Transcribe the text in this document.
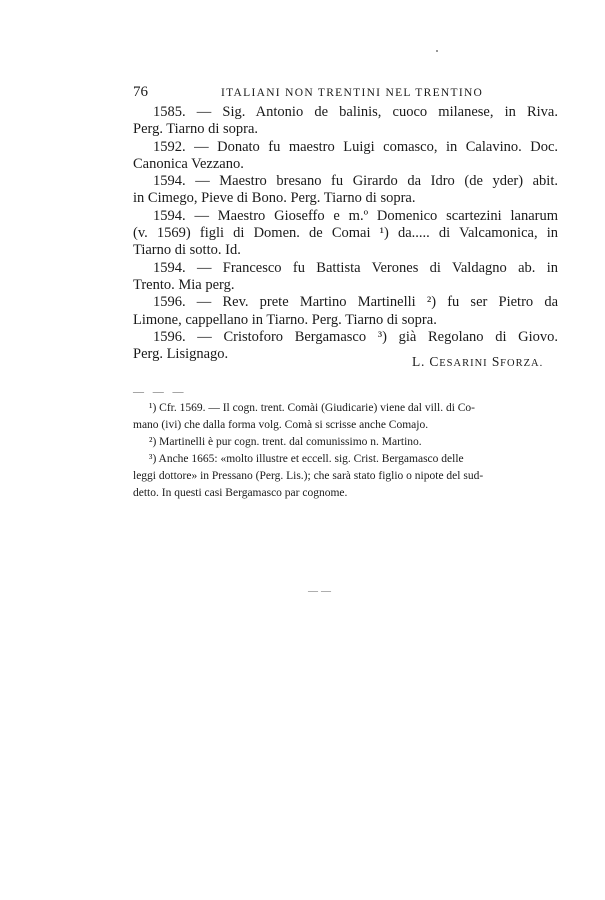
76	ITALIANI NON TRENTINI NEL TRENTINO
1585. — Sig. Antonio de balinis, cuoco milanese, in Riva.
Perg. Tiarno di sopra.
1592. — Donato fu maestro Luigi comasco, in Calavino. Doc.
Canonica Vezzano.
1594. — Maestro bresano fu Girardo da Idro (de yder) abit.
in Cimego, Pieve di Bono. Perg. Tiarno di sopra.
1594. — Maestro Gioseffo e m.º Domenico scartezini lanarum
(v. 1569) figli di Domen. de Comai ¹) da..... di Valcamonica, in
Tiarno di sotto. Id.
1594. — Francesco fu Battista Verones di Valdagno ab. in
Trento. Mia perg.
1596. — Rev. prete Martino Martinelli ²) fu ser Pietro da
Limone, cappellano in Tiarno. Perg. Tiarno di sopra.
1596. — Cristoforo Bergamasco ³) già Regolano di Giovo.
Perg. Lisignago.	L. CESARINI SFORZA.
— — —
¹) Cfr. 1569. — Il cogn. trent. Comài (Giudicarie) viene dal vill. di Co-
mano (ivi) che dalla forma volg. Comà si scrisse anche Comajo.
²) Martinelli è pur cogn. trent. dal comunissimo n. Martino.
³) Anche 1665: «molto illustre et eccell. sig. Crist. Bergamasco delle
leggi dottore» in Pressano (Perg. Lis.); che sarà stato figlio o nipote del sud-
detto. In questi casi Bergamasco par cognome.
——
